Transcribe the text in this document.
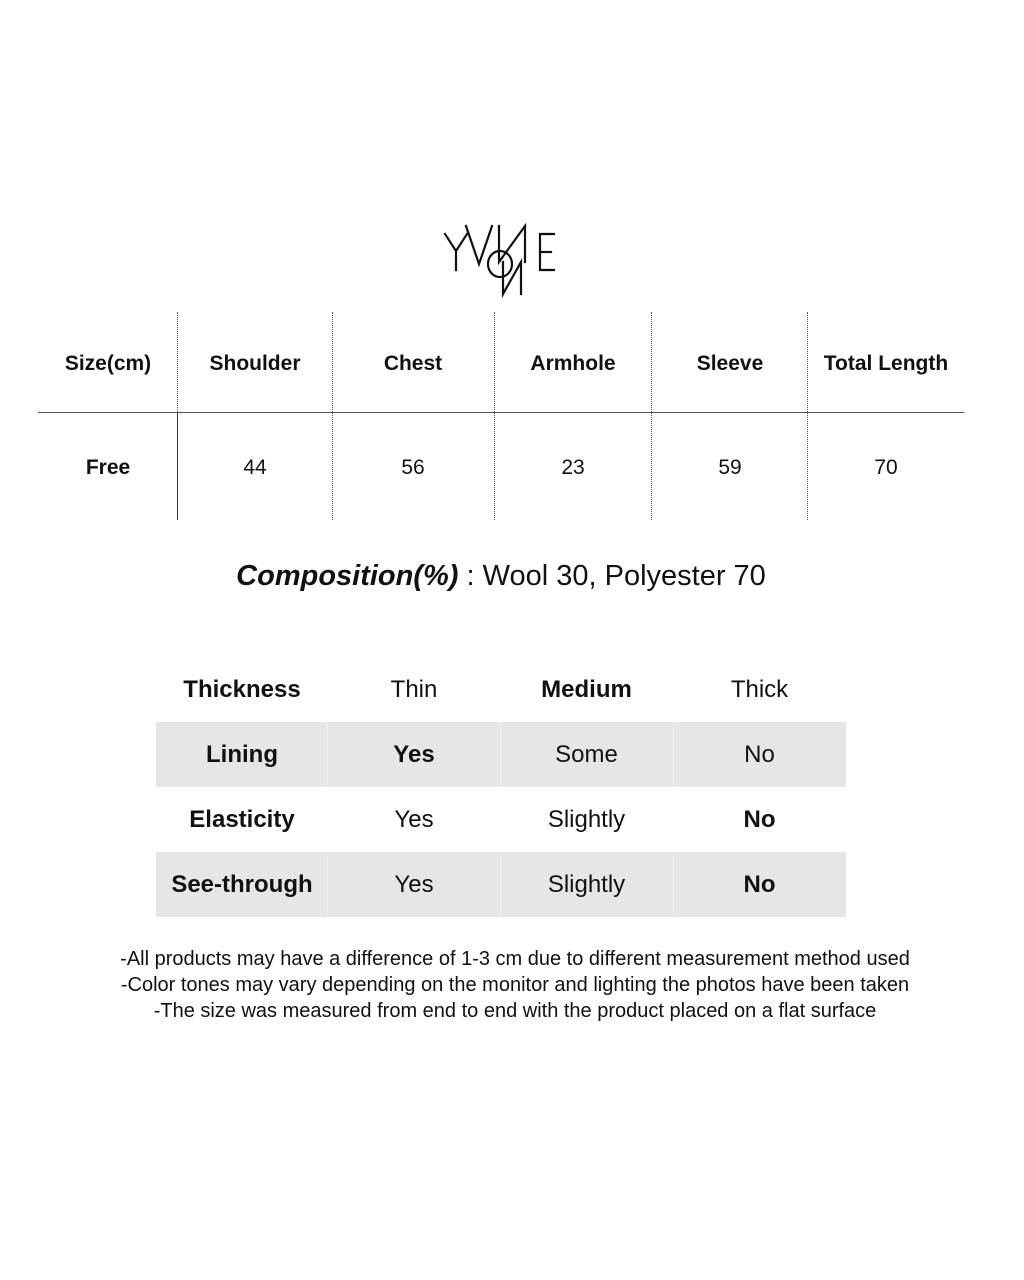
Size(cm)	Shoulder	Chest	Armhole	Sleeve	Total Length
Free	44	56	23	59	70
Composition(%) : Wool 30, Polyester 70
Thickness	Thin	Medium	Thick
Lining	Yes	Some	No
Elasticity	Yes	Slightly	No
See-through	Yes	Slightly	No
-All products may have a difference of 1-3 cm due to different measurement method used
-Color tones may vary depending on the monitor and lighting the photos have been taken
-The size was measured from end to end with the product placed on a flat surface
